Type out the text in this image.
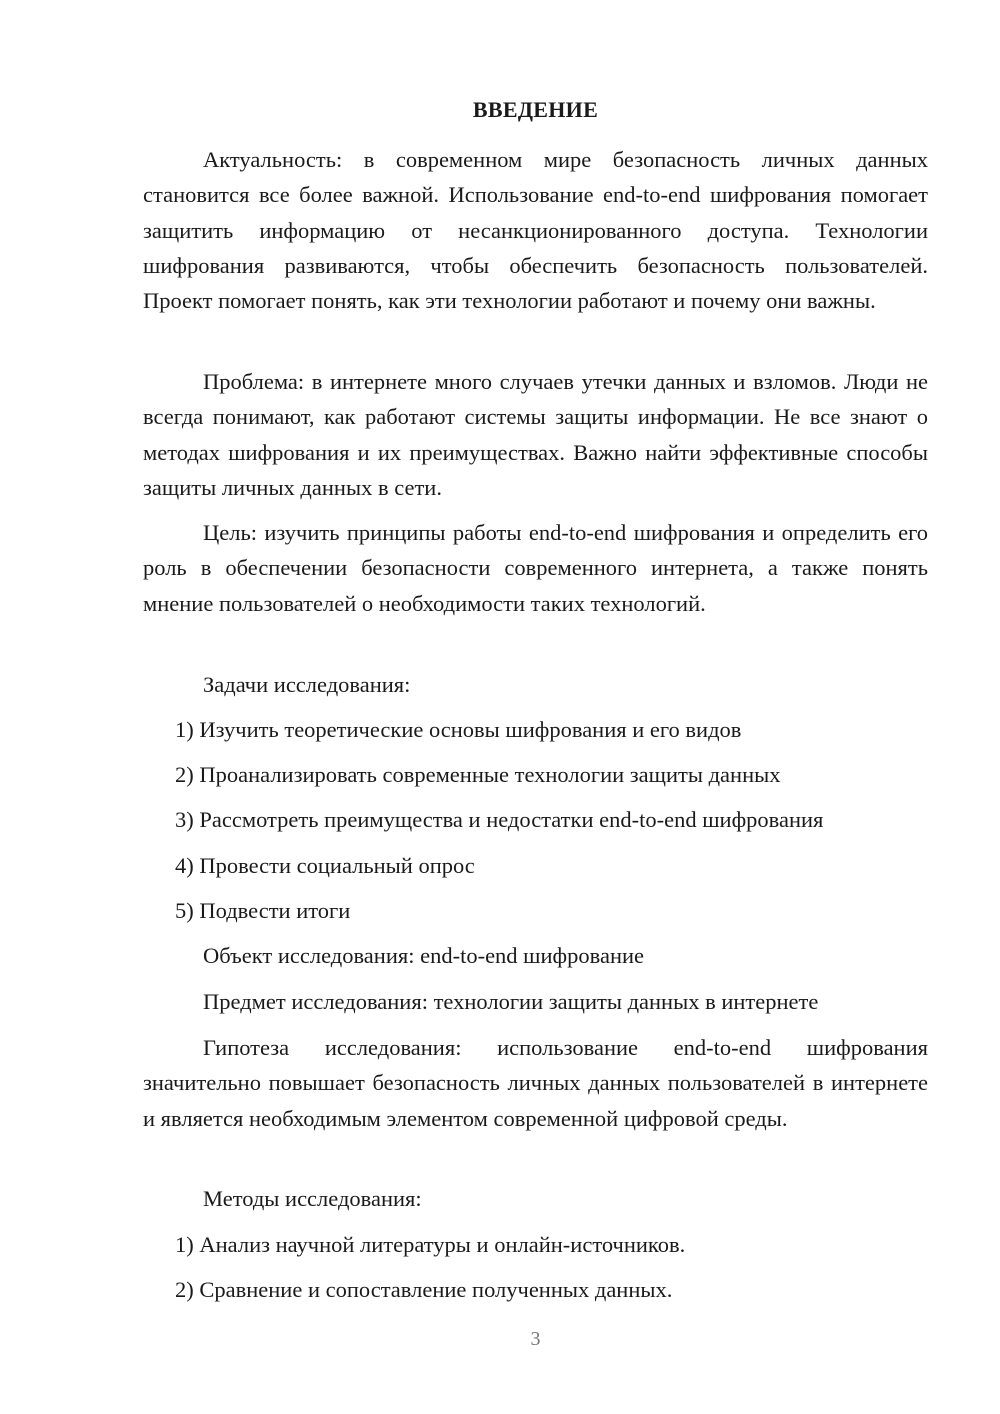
ВВЕДЕНИЕ

Актуальность: в современном мире безопасность личных данных становится все более важной. Использование end-to-end шифрования помогает защитить информацию от несанкционированного доступа. Технологии шифрования развиваются, чтобы обеспечить безопасность пользователей. Проект помогает понять, как эти технологии работают и почему они важны.

Проблема: в интернете много случаев утечки данных и взломов. Люди не всегда понимают, как работают системы защиты информации. Не все знают о методах шифрования и их преимуществах. Важно найти эффективные способы защиты личных данных в сети.

Цель: изучить принципы работы end-to-end шифрования и определить его роль в обеспечении безопасности современного интернета, а также понять мнение пользователей о необходимости таких технологий.

Задачи исследования:
1) Изучить теоретические основы шифрования и его видов
2) Проанализировать современные технологии защиты данных
3) Рассмотреть преимущества и недостатки end-to-end шифрования
4) Провести социальный опрос
5) Подвести итоги
Объект исследования: end-to-end шифрование
Предмет исследования: технологии защиты данных в интернете

Гипотеза исследования: использование end-to-end шифрования значительно повышает безопасность личных данных пользователей в интернете и является необходимым элементом современной цифровой среды.

Методы исследования:
1) Анализ научной литературы и онлайн-источников.
2) Сравнение и сопоставление полученных данных.
3
